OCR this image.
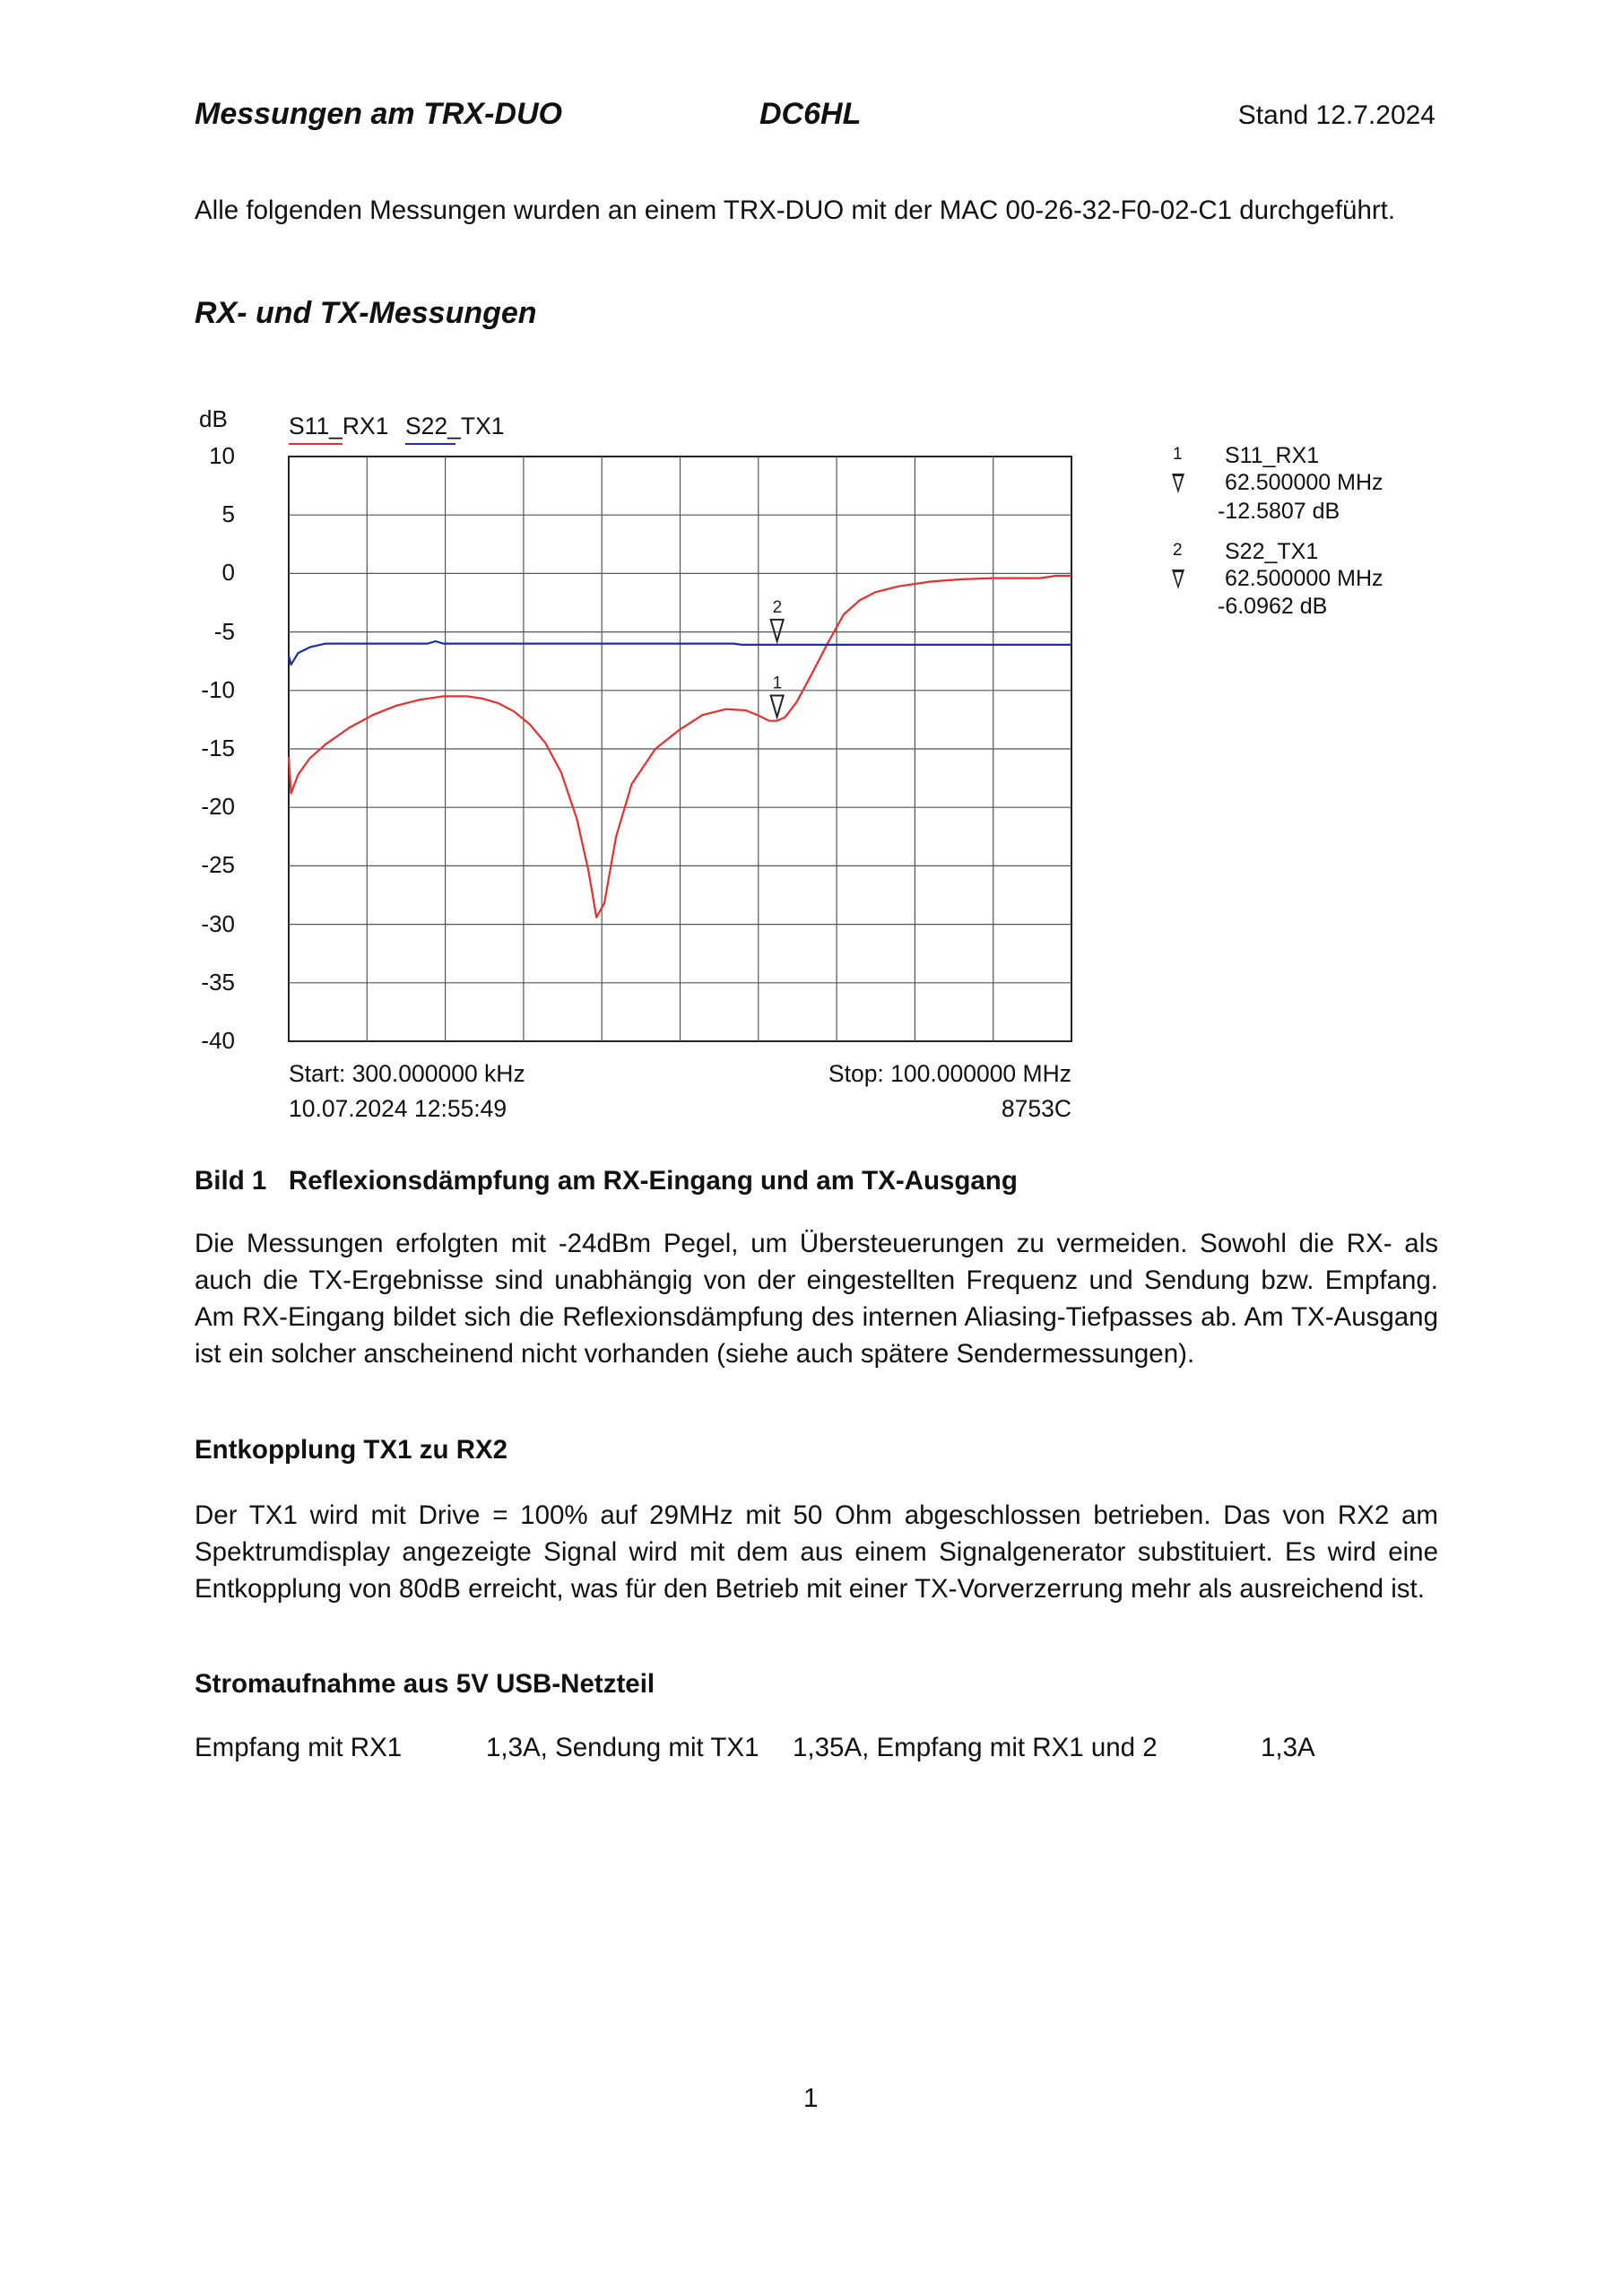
Messungen am TRX-DUO	DC6HL	Stand 12.7.2024

Alle folgenden Messungen wurden an einem TRX-DUO mit der MAC 00-26-32-F0-02-C1 durchgeführt.

RX- und TX-Messungen
dB
10
5
0
-5
-10
-15
-20
-25
-30
-35
-40
S11_RX1 S22_TX1
1
2
1 S11_RX1
62.500000 MHz
-12.5807 dB
2 S22_TX1
62.500000 MHz
-6.0962 dB
Start: 300.000000 kHz	Stop: 100.000000 MHz
10.07.2024 12:55:49	8753C
Bild 1   Reflexionsdämpfung am RX-Eingang und am TX-Ausgang

Die Messungen erfolgten mit -24dBm Pegel, um Übersteuerungen zu vermeiden. Sowohl die RX- als auch die TX-Ergebnisse sind unabhängig von der eingestellten Frequenz und Sendung bzw. Empfang. Am RX-Eingang bildet sich die Reflexionsdämpfung des internen Aliasing-Tiefpasses ab. Am TX-Ausgang ist ein solcher anscheinend nicht vorhanden (siehe auch spätere Sendermessungen).

Entkopplung TX1 zu RX2

Der TX1 wird mit Drive = 100% auf 29MHz mit 50 Ohm abgeschlossen betrieben. Das von RX2 am Spektrumdisplay angezeigte Signal wird mit dem aus einem Signalgenerator substituiert. Es wird eine Entkopplung von 80dB erreicht, was für den Betrieb mit einer TX-Vorverzerrung mehr als ausreichend ist.

Stromaufnahme aus 5V USB-Netzteil
Empfang mit RX1	1,3A, Sendung mit TX1 1,35A, Empfang mit RX1 und 2	1,3A
1
